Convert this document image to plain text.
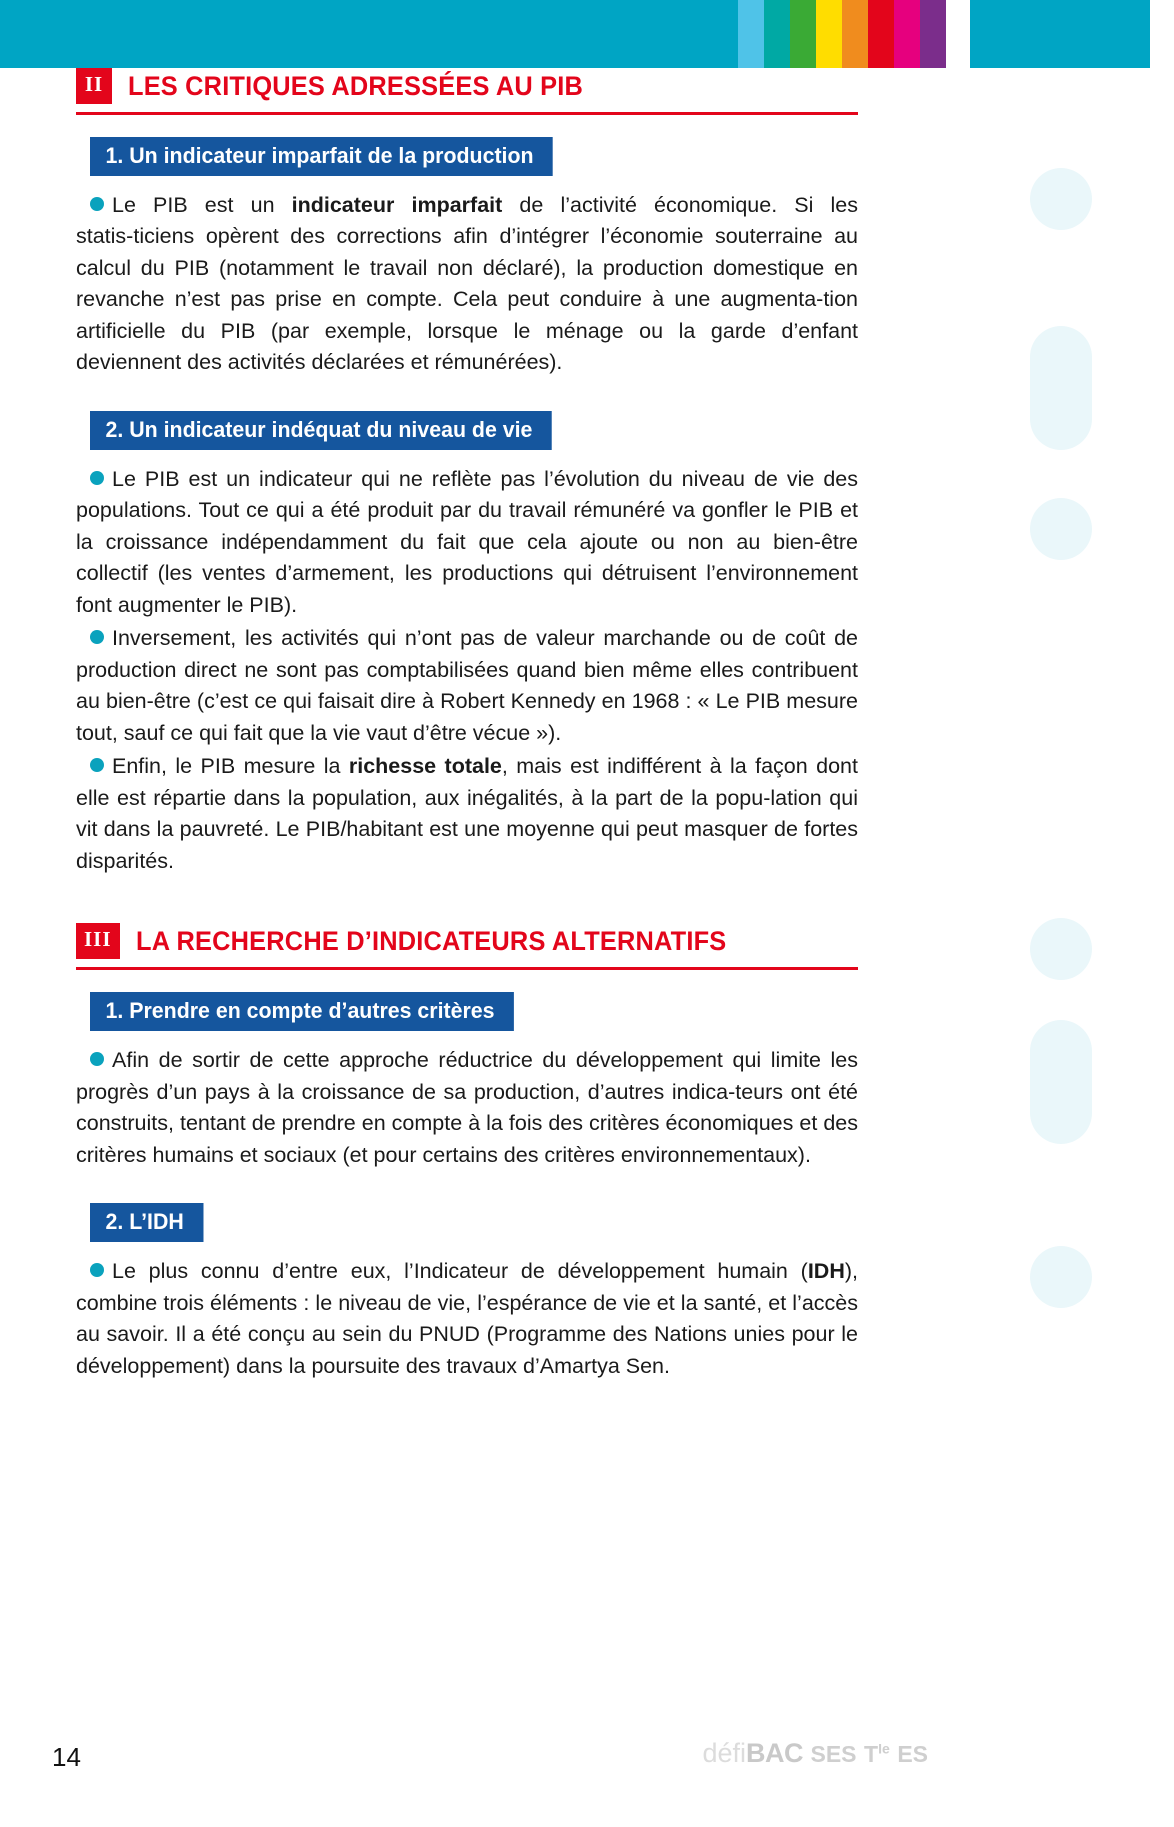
II LES CRITIQUES ADRESSÉES AU PIB
1. Un indicateur imparfait de la production

Le PIB est un indicateur imparfait de l’activité économique. Si les statis‑ticiens opèrent des corrections afin d’intégrer l’économie souterraine au calcul du PIB (notamment le travail non déclaré), la production domestique en revanche n’est pas prise en compte. Cela peut conduire à une augmenta‑tion artificielle du PIB (par exemple, lorsque le ménage ou la garde d’enfant deviennent des activités déclarées et rémunérées).

2. Un indicateur indéquat du niveau de vie

Le PIB est un indicateur qui ne reflète pas l’évolution du niveau de vie des populations. Tout ce qui a été produit par du travail rémunéré va gonfler le PIB et la croissance indépendamment du fait que cela ajoute ou non au bien‑être collectif (les ventes d’armement, les productions qui détruisent l’environnement font augmenter le PIB).

Inversement, les activités qui n’ont pas de valeur marchande ou de coût de production direct ne sont pas comptabilisées quand bien même elles contribuent au bien‑être (c’est ce qui faisait dire à Robert Kennedy en 1968 : « Le PIB mesure tout, sauf ce qui fait que la vie vaut d’être vécue »).

Enfin, le PIB mesure la richesse totale, mais est indifférent à la façon dont elle est répartie dans la population, aux inégalités, à la part de la popu‑lation qui vit dans la pauvreté. Le PIB/habitant est une moyenne qui peut masquer de fortes disparités.

III LA RECHERCHE D’INDICATEURS ALTERNATIFS
1. Prendre en compte d’autres critères

Afin de sortir de cette approche réductrice du développement qui limite les progrès d’un pays à la croissance de sa production, d’autres indica‑teurs ont été construits, tentant de prendre en compte à la fois des critères économiques et des critères humains et sociaux (et pour certains des critères environnementaux).

2. L’IDH

Le plus connu d’entre eux, l’Indicateur de développement humain (IDH), combine trois éléments : le niveau de vie, l’espérance de vie et la santé, et l’accès au savoir. Il a été conçu au sein du PNUD (Programme des Nations unies pour le développement) dans la poursuite des travaux d’Amartya Sen.

14	défiBAC SES $T^{Ie}$ ES
